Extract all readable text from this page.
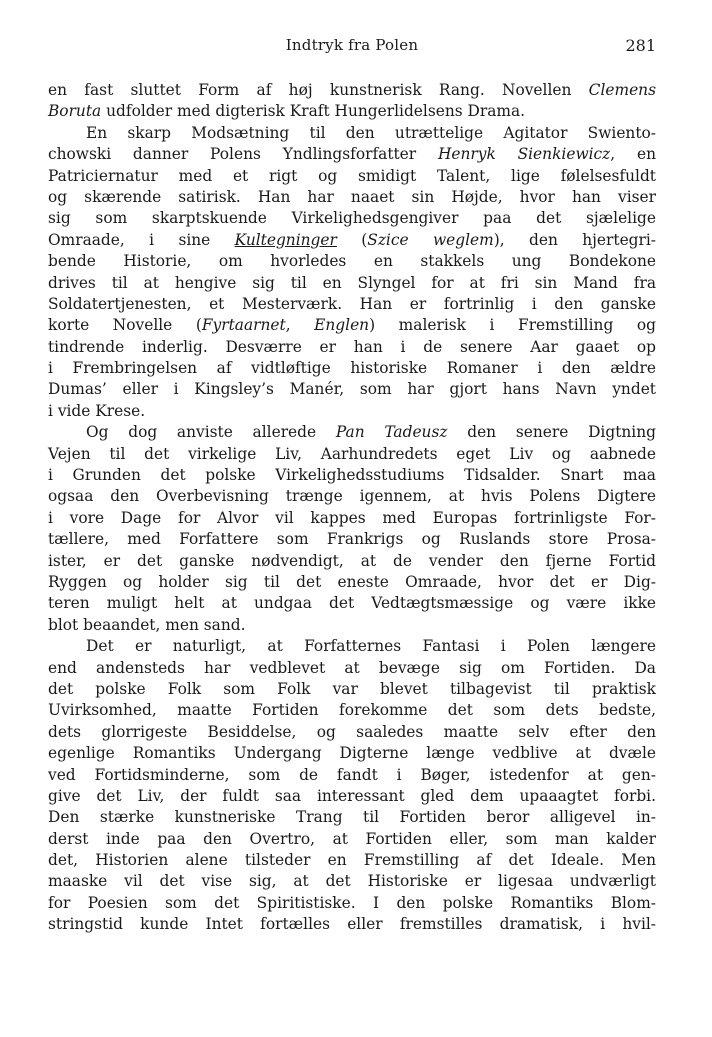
Indtryk fra Polen	281
en fast sluttet Form af høj kunstnerisk Rang. Novellen Clemens
Boruta udfolder med digterisk Kraft Hungerlidelsens Drama.
En skarp Modsætning til den utrættelige Agitator Swiento-
chowski danner Polens Yndlingsforfatter Henryk Sienkiewicz, en
Patriciernatur med et rigt og smidigt Talent, lige følelsesfuldt
og skærende satirisk. Han har naaet sin Højde, hvor han viser
sig som skarptskuende Virkelighedsgengiver paa det sjælelige
Omraade, i sine Kultegninger (Szice weglem), den hjertegri-
bende Historie, om hvorledes en stakkels ung Bondekone
drives til at hengive sig til en Slyngel for at fri sin Mand fra
Soldatertjenesten, et Mesterværk. Han er fortrinlig i den ganske
korte Novelle (Fyrtaarnet, Englen) malerisk i Fremstilling og
tindrende inderlig. Desværre er han i de senere Aar gaaet op
i Frembringelsen af vidtløftige historiske Romaner i den ældre
Dumas’ eller i Kingsley’s Manér, som har gjort hans Navn yndet
i vide Krese.
Og dog anviste allerede Pan Tadeusz den senere Digtning
Vejen til det virkelige Liv, Aarhundredets eget Liv og aabnede
i Grunden det polske Virkelighedsstudiums Tidsalder. Snart maa
ogsaa den Overbevisning trænge igennem, at hvis Polens Digtere
i vore Dage for Alvor vil kappes med Europas fortrinligste For-
tællere, med Forfattere som Frankrigs og Ruslands store Prosa-
ister, er det ganske nødvendigt, at de vender den fjerne Fortid
Ryggen og holder sig til det eneste Omraade, hvor det er Dig-
teren muligt helt at undgaa det Vedtægtsmæssige og være ikke
blot beaandet, men sand.
Det er naturligt, at Forfatternes Fantasi i Polen længere
end andensteds har vedblevet at bevæge sig om Fortiden. Da
det polske Folk som Folk var blevet tilbagevist til praktisk
Uvirksomhed, maatte Fortiden forekomme det som dets bedste,
dets glorrigeste Besiddelse, og saaledes maatte selv efter den
egenlige Romantiks Undergang Digterne længe vedblive at dvæle
ved Fortidsminderne, som de fandt i Bøger, istedenfor at gen-
give det Liv, der fuldt saa interessant gled dem upaaagtet forbi.
Den stærke kunstneriske Trang til Fortiden beror alligevel in-
derst inde paa den Overtro, at Fortiden eller, som man kalder
det, Historien alene tilsteder en Fremstilling af det Ideale. Men
maaske vil det vise sig, at det Historiske er ligesaa undværligt
for Poesien som det Spiritistiske. I den polske Romantiks Blom-
stringstid kunde Intet fortælles eller fremstilles dramatisk, i hvil-
